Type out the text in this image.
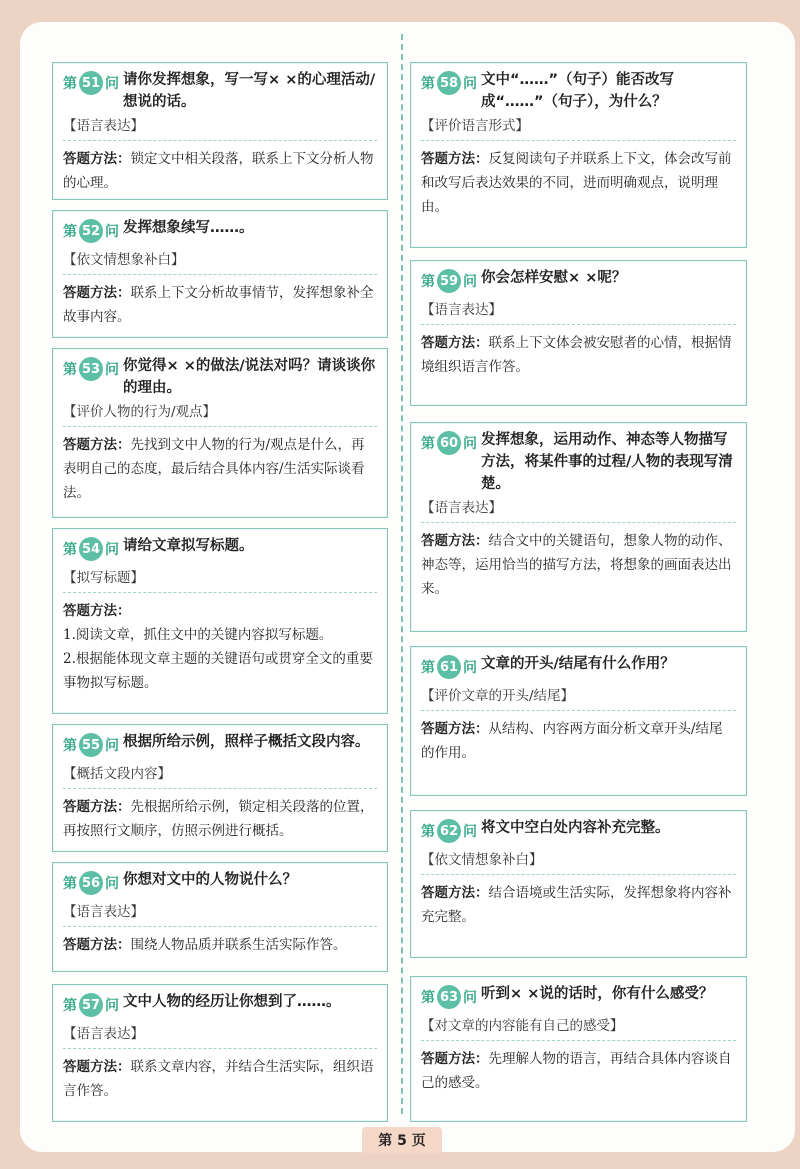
第 51 问 请你发挥想象，写一写× ×的心理活动/想说的话。
【语言表达】
答题方法：锁定文中相关段落，联系上下文分析人物的心理。
第 52 问 发挥想象续写……。
【依文情想象补白】
答题方法：联系上下文分析故事情节，发挥想象补全故事内容。
第 53 问 你觉得× ×的做法/说法对吗？请谈谈你的理由。
【评价人物的行为/观点】
答题方法：先找到文中人物的行为/观点是什么，再表明自己的态度，最后结合具体内容/生活实际谈看法。
第 54 问 请给文章拟写标题。
【拟写标题】
答题方法：
1.阅读文章，抓住文中的关键内容拟写标题。
2.根据能体现文章主题的关键语句或贯穿全文的重要事物拟写标题。
第 55 问 根据所给示例，照样子概括文段内容。
【概括文段内容】
答题方法：先根据所给示例，锁定相关段落的位置，再按照行文顺序，仿照示例进行概括。
第 56 问 你想对文中的人物说什么？
【语言表达】
答题方法：围绕人物品质并联系生活实际作答。
第 57 问 文中人物的经历让你想到了……。
【语言表达】
答题方法：联系文章内容，并结合生活实际，组织语言作答。
第 58 问 文中“……”（句子）能否改写成“……”（句子），为什么？
【评价语言形式】
答题方法：反复阅读句子并联系上下文，体会改写前和改写后表达效果的不同，进而明确观点，说明理由。
第 59 问 你会怎样安慰× ×呢？
【语言表达】
答题方法：联系上下文体会被安慰者的心情，根据情境组织语言作答。
第 60 问 发挥想象，运用动作、神态等人物描写方法，将某件事的过程/人物的表现写清楚。
【语言表达】
答题方法：结合文中的关键语句，想象人物的动作、神态等，运用恰当的描写方法，将想象的画面表达出来。
第 61 问 文章的开头/结尾有什么作用？
【评价文章的开头/结尾】
答题方法：从结构、内容两方面分析文章开头/结尾的作用。
第 62 问 将文中空白处内容补充完整。
【依文情想象补白】
答题方法：结合语境或生活实际，发挥想象将内容补充完整。
第 63 问 听到× ×说的话时，你有什么感受？
【对文章的内容能有自己的感受】
答题方法：先理解人物的语言，再结合具体内容谈自己的感受。
第 5 页
